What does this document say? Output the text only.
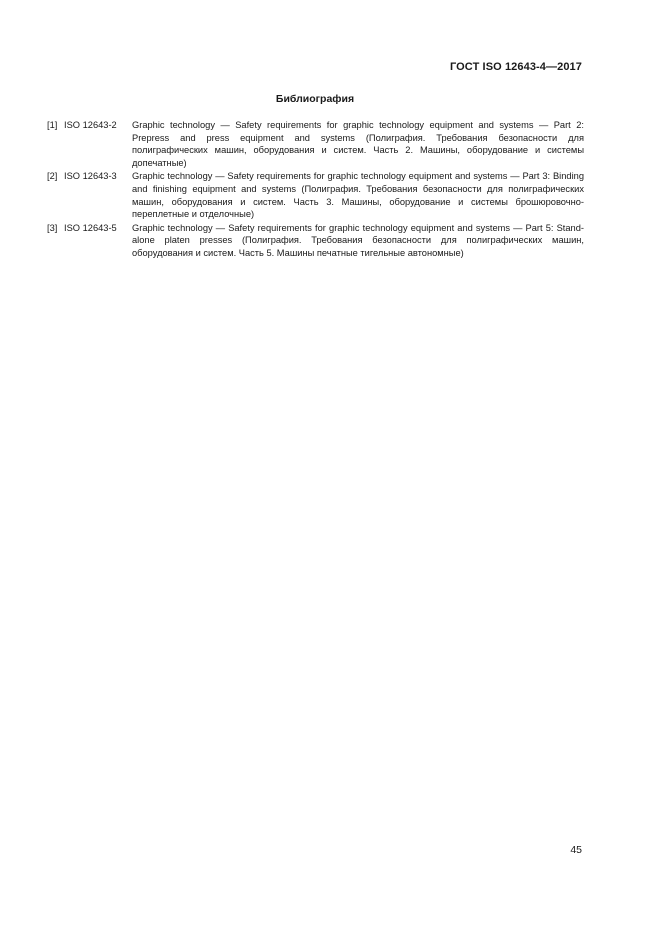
ГОСТ ISO 12643-4—2017
Библиография
[1] ISO 12643-2	Graphic technology — Safety requirements for graphic technology equipment and systems — Part 2: Prepress and press equipment and systems (Полиграфия. Требования безопасности для полиграфических машин, оборудования и систем. Часть 2. Машины, оборудование и системы допечатные)
[2] ISO 12643-3	Graphic technology — Safety requirements for graphic technology equipment and systems — Part 3: Binding and finishing equipment and systems (Полиграфия. Требования безопасности для полиграфических машин, оборудования и систем. Часть 3. Машины, оборудование и системы брошюровочно-переплетные и отделочные)
[3] ISO 12643-5	Graphic technology — Safety requirements for graphic technology equipment and systems — Part 5: Stand-alone platen presses (Полиграфия. Требования безопасности для полиграфических машин, оборудования и систем. Часть 5. Машины печатные тигельные автономные)
45
